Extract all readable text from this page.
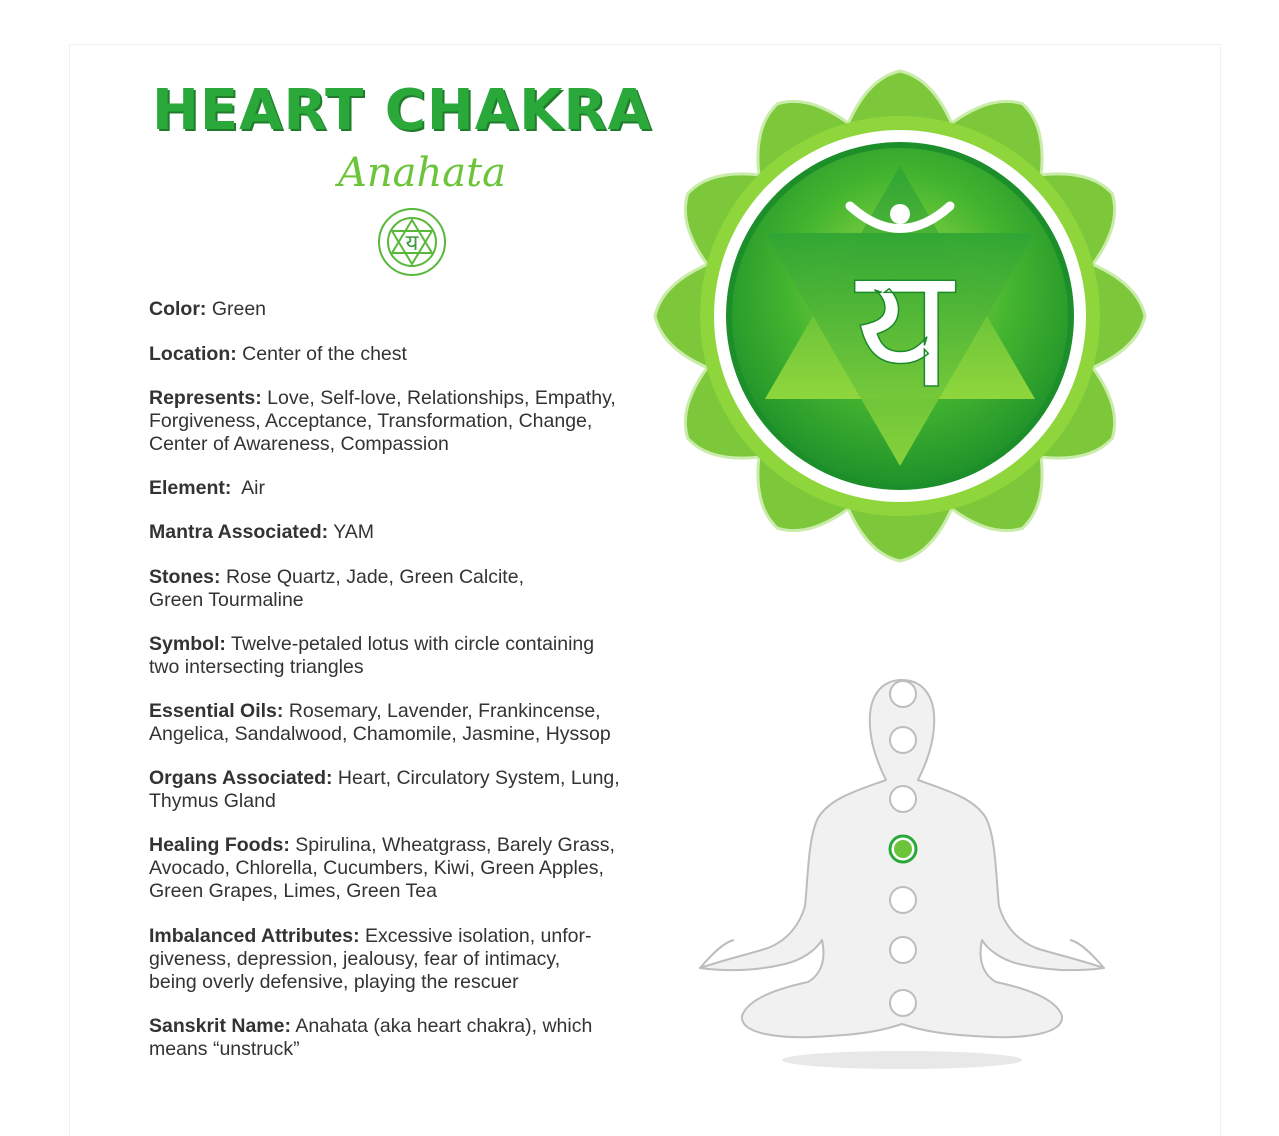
HEART CHAKRA
Anahata
य

Color: Green

Location: Center of the chest

Represents: Love, Self-love, Relationships, Empathy,
Forgiveness, Acceptance, Transformation, Change,
Center of Awareness, Compassion

Element: Air

Mantra Associated: YAM

Stones: Rose Quartz, Jade, Green Calcite,
Green Tourmaline

Symbol: Twelve-petaled lotus with circle containing
two intersecting triangles

Essential Oils: Rosemary, Lavender, Frankincense,
Angelica, Sandalwood, Chamomile, Jasmine, Hyssop

Organs Associated: Heart, Circulatory System, Lung,
Thymus Gland

Healing Foods: Spirulina, Wheatgrass, Barely Grass,
Avocado, Chlorella, Cucumbers, Kiwi, Green Apples,
Green Grapes, Limes, Green Tea

Imbalanced Attributes: Excessive isolation, unfor-
giveness, depression, jealousy, fear of intimacy,
being overly defensive, playing the rescuer

Sanskrit Name: Anahata (aka heart chakra), which
means “unstruck”

य
